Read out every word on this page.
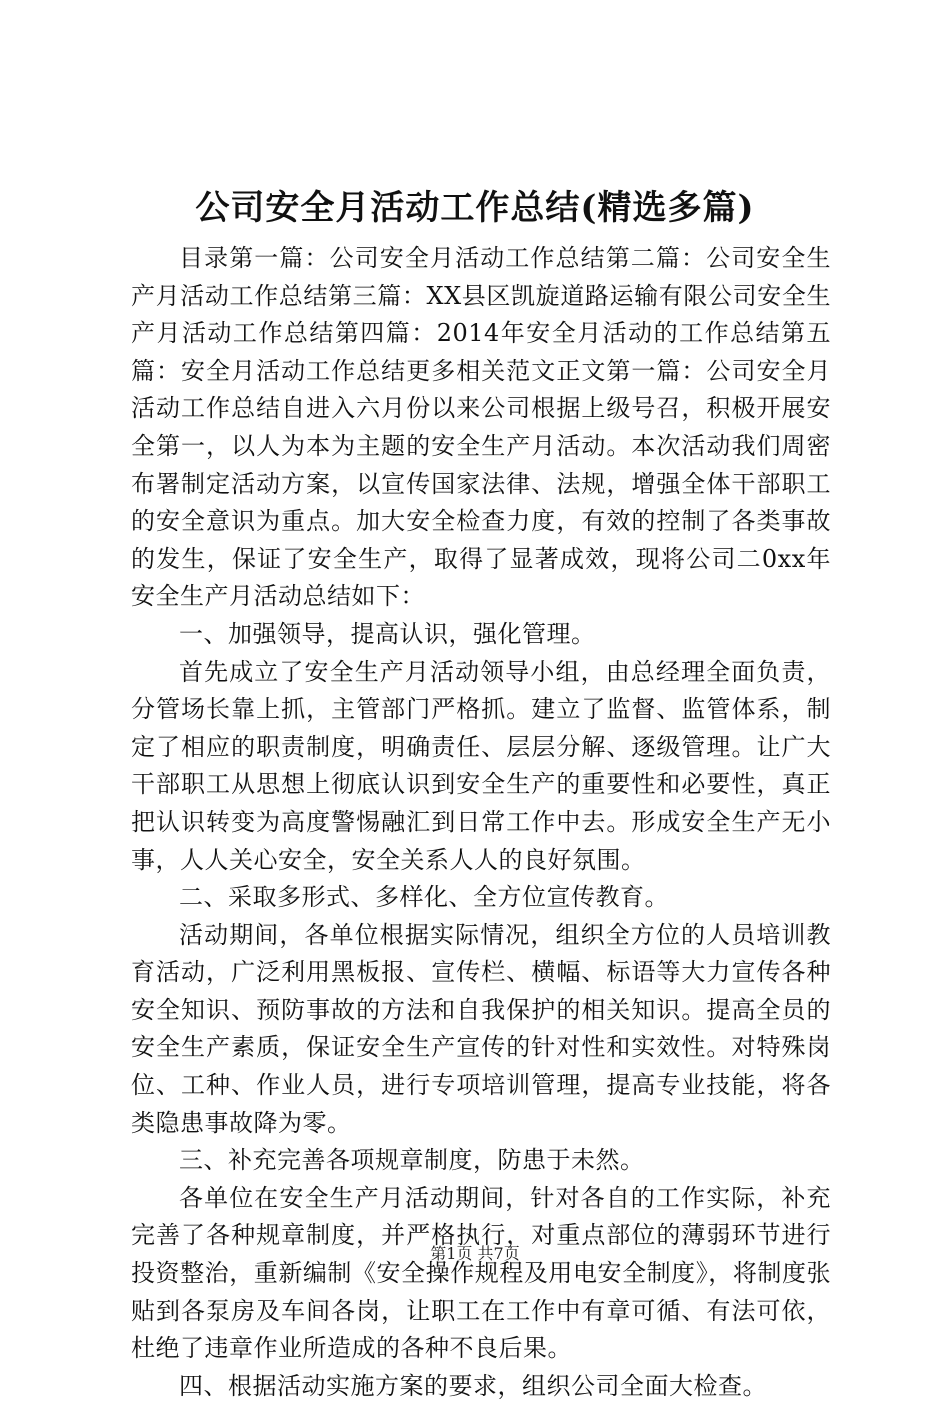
公司安全月活动工作总结(精选多篇)

目录第一篇：公司安全月活动工作总结第二篇：公司安全生产月活动工作总结第三篇：XX县区凯旋道路运输有限公司安全生产月活动工作总结第四篇：2014年安全月活动的工作总结第五篇：安全月活动工作总结更多相关范文正文第一篇：公司安全月活动工作总结自进入六月份以来公司根据上级号召，积极开展安全第一，以人为本为主题的安全生产月活动。本次活动我们周密布署制定活动方案，以宣传国家法律、法规，增强全体干部职工的安全意识为重点。加大安全检查力度，有效的控制了各类事故的发生，保证了安全生产，取得了显著成效，现将公司二0xx年安全生产月活动总结如下：

一、加强领导，提高认识，强化管理。

首先成立了安全生产月活动领导小组，由总经理全面负责，分管场长靠上抓，主管部门严格抓。建立了监督、监管体系，制定了相应的职责制度，明确责任、层层分解、逐级管理。让广大干部职工从思想上彻底认识到安全生产的重要性和必要性，真正把认识转变为高度警惕融汇到日常工作中去。形成安全生产无小事，人人关心安全，安全关系人人的良好氛围。

二、采取多形式、多样化、全方位宣传教育。

活动期间，各单位根据实际情况，组织全方位的人员培训教育活动，广泛利用黑板报、宣传栏、横幅、标语等大力宣传各种安全知识、预防事故的方法和自我保护的相关知识。提高全员的安全生产素质，保证安全生产宣传的针对性和实效性。对特殊岗位、工种、作业人员，进行专项培训管理，提高专业技能，将各类隐患事故降为零。

三、补充完善各项规章制度，防患于未然。

各单位在安全生产月活动期间，针对各自的工作实际，补充完善了各种规章制度，并严格执行，对重点部位的薄弱环节进行投资整治，重新编制《安全操作规程及用电安全制度》，将制度张贴到各泵房及车间各岗，让职工在工作中有章可循、有法可依，杜绝了违章作业所造成的各种不良后果。

四、根据活动实施方案的要求，组织公司全面大检查。

第1页 共7页
